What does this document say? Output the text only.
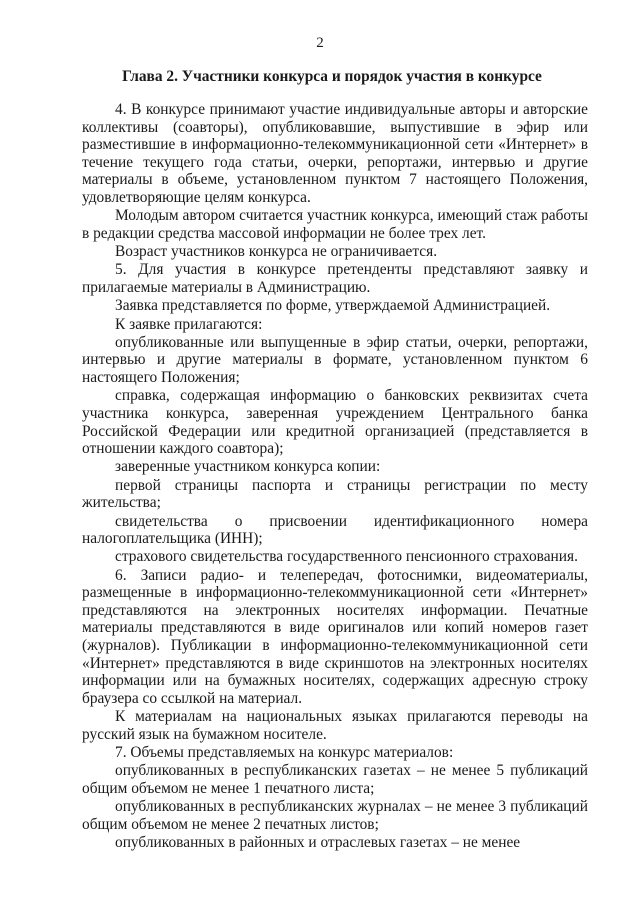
2
Глава 2. Участники конкурса и порядок участия в конкурсе

4. В конкурсе принимают участие индивидуальные авторы и авторские коллективы (соавторы), опубликовавшие, выпустившие в эфир или разместившие в информационно-телекоммуникационной сети «Интернет» в течение текущего года статьи, очерки, репортажи, интервью и другие материалы в объеме, установленном пунктом 7 настоящего Положения, удовлетворяющие целям конкурса.

Молодым автором считается участник конкурса, имеющий стаж работы в редакции средства массовой информации не более трех лет.

Возраст участников конкурса не ограничивается.

5. Для участия в конкурсе претенденты представляют заявку и прилагаемые материалы в Администрацию.

Заявка представляется по форме, утверждаемой Администрацией.

К заявке прилагаются:

опубликованные или выпущенные в эфир статьи, очерки, репортажи, интервью и другие материалы в формате, установленном пунктом 6 настоящего Положения;

справка, содержащая информацию о банковских реквизитах счета участника конкурса, заверенная учреждением Центрального банка Российской Федерации или кредитной организацией (представляется в отношении каждого соавтора);

заверенные участником конкурса копии:

первой страницы паспорта и страницы регистрации по месту жительства;

свидетельства о присвоении идентификационного номера налогоплательщика (ИНН);

страхового свидетельства государственного пенсионного страхования.

6. Записи радио- и телепередач, фотоснимки, видеоматериалы, размещенные в информационно-телекоммуникационной сети «Интернет» представляются на электронных носителях информации. Печатные материалы представляются в виде оригиналов или копий номеров газет (журналов). Публикации в информационно-телекоммуникационной сети «Интернет» представляются в виде скриншотов на электронных носителях информации или на бумажных носителях, содержащих адресную строку браузера со ссылкой на материал.

К материалам на национальных языках прилагаются переводы на русский язык на бумажном носителе.

7. Объемы представляемых на конкурс материалов:

опубликованных в республиканских газетах – не менее 5 публикаций общим объемом не менее 1 печатного листа;

опубликованных в республиканских журналах – не менее 3 публикаций общим объемом не менее 2 печатных листов;

опубликованных в районных и отраслевых газетах – не менее
